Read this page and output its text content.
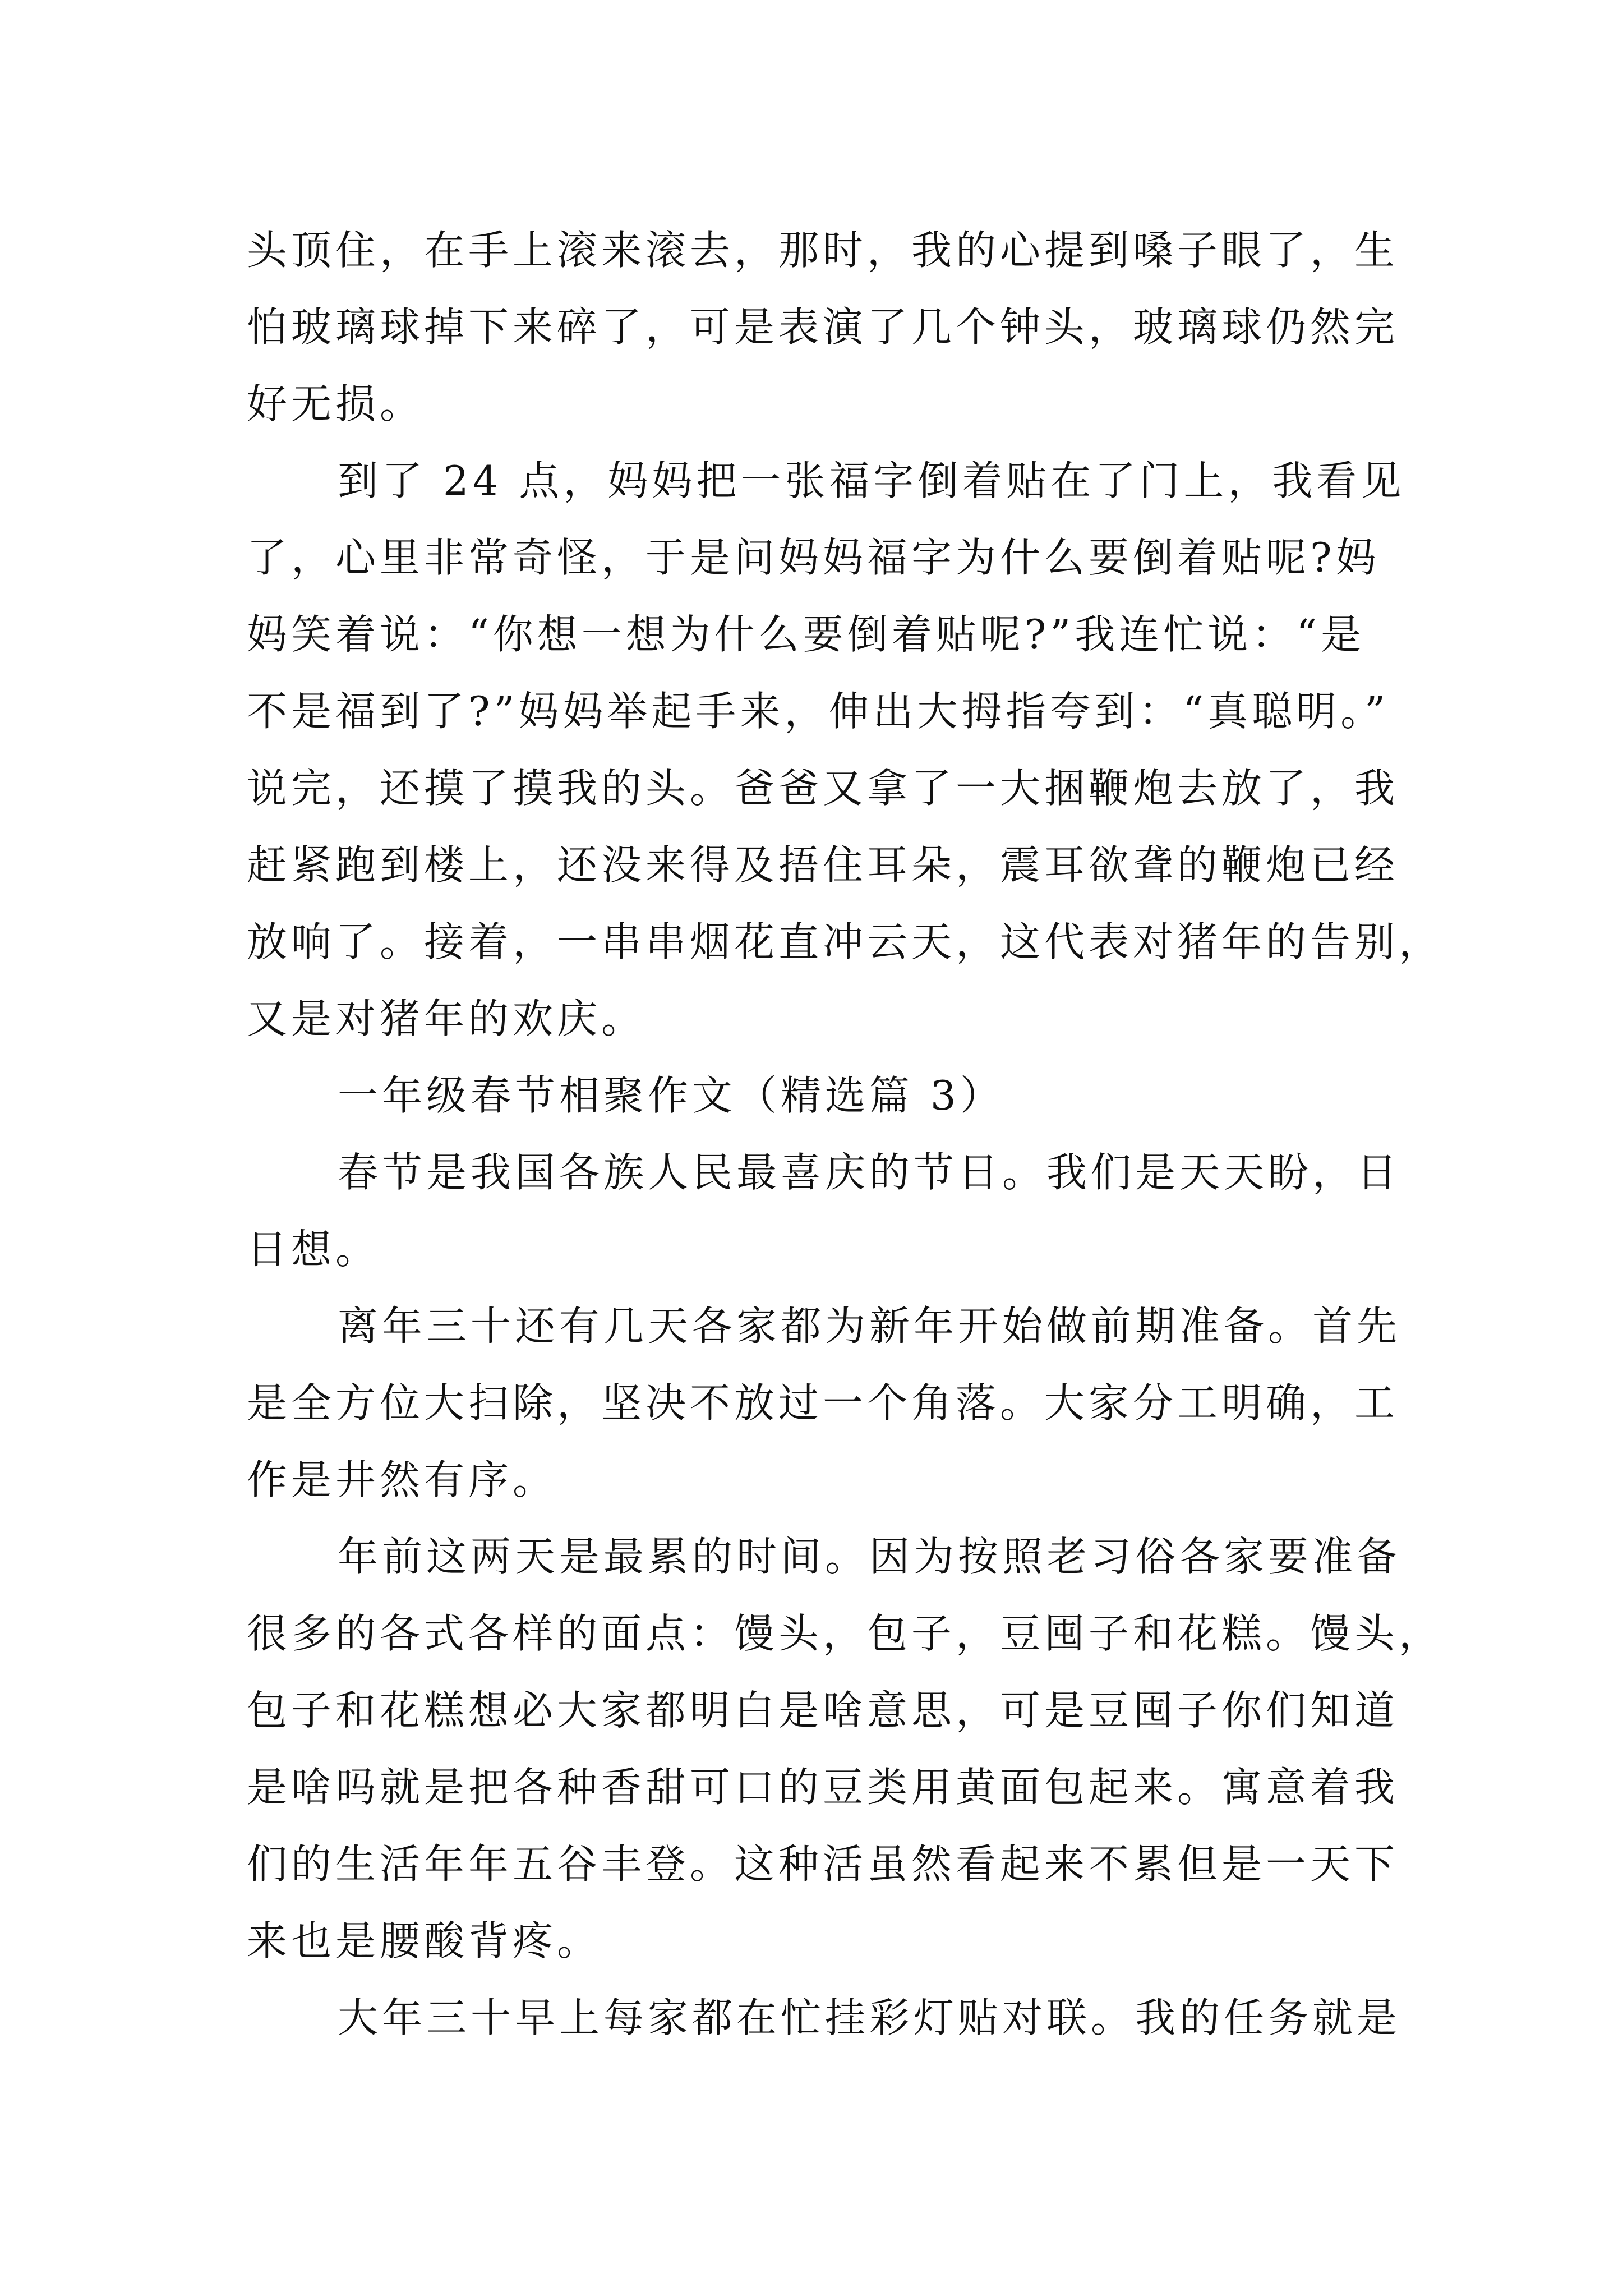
头顶住，在手上滚来滚去，那时，我的心提到嗓子眼了，生
怕玻璃球掉下来碎了，可是表演了几个钟头，玻璃球仍然完
好无损。
到了 24 点，妈妈把一张福字倒着贴在了门上，我看见
了，心里非常奇怪，于是问妈妈福字为什么要倒着贴呢?妈
妈笑着说：“你想一想为什么要倒着贴呢?”我连忙说：“是
不是福到了?”妈妈举起手来，伸出大拇指夸到：“真聪明。”
说完，还摸了摸我的头。爸爸又拿了一大捆鞭炮去放了，我
赶紧跑到楼上，还没来得及捂住耳朵，震耳欲聋的鞭炮已经
放响了。接着，一串串烟花直冲云天，这代表对猪年的告别，
又是对猪年的欢庆。
一年级春节相聚作文（精选篇 3）
春节是我国各族人民最喜庆的节日。我们是天天盼，日
日想。
离年三十还有几天各家都为新年开始做前期准备。首先
是全方位大扫除，坚决不放过一个角落。大家分工明确，工
作是井然有序。
年前这两天是最累的时间。因为按照老习俗各家要准备
很多的各式各样的面点：馒头，包子，豆囤子和花糕。馒头，
包子和花糕想必大家都明白是啥意思，可是豆囤子你们知道
是啥吗就是把各种香甜可口的豆类用黄面包起来。寓意着我
们的生活年年五谷丰登。这种活虽然看起来不累但是一天下
来也是腰酸背疼。
大年三十早上每家都在忙挂彩灯贴对联。我的任务就是
